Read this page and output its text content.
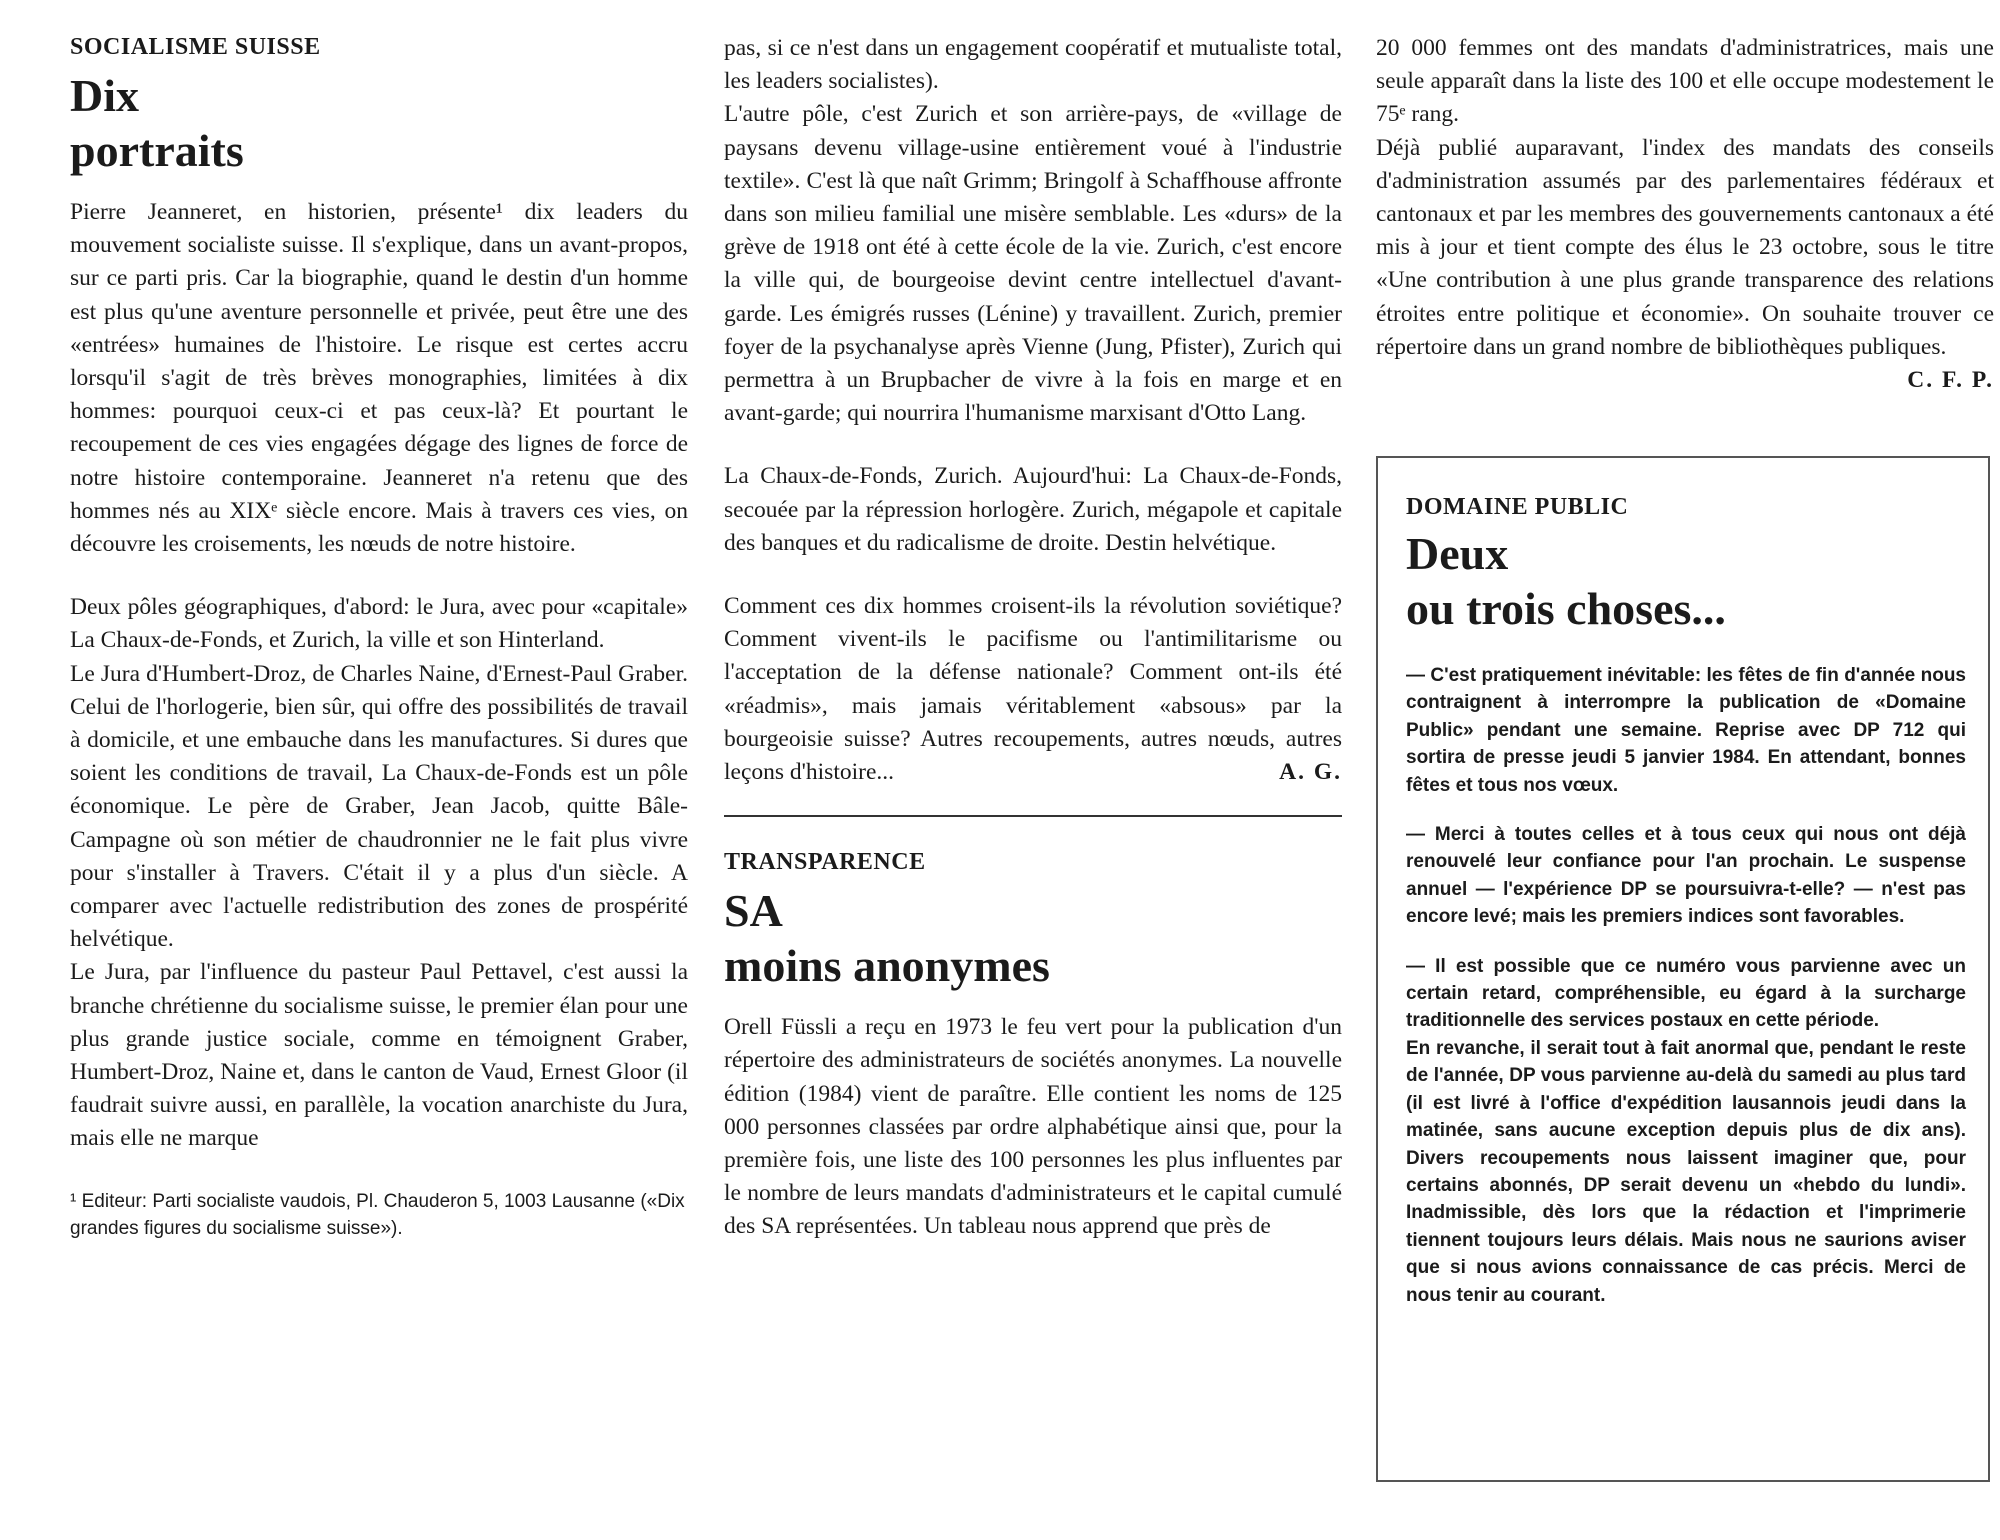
SOCIALISME SUISSE
Dix
portraits

Pierre Jeanneret, en historien, présente¹ dix leaders du mouvement socialiste suisse. Il s'explique, dans un avant-propos, sur ce parti pris. Car la biographie, quand le destin d'un homme est plus qu'une aventure personnelle et privée, peut être une des «entrées» humaines de l'histoire. Le risque est certes accru lorsqu'il s'agit de très brèves monographies, limitées à dix hommes: pourquoi ceux-ci et pas ceux-là? Et pourtant le recoupement de ces vies engagées dégage des lignes de force de notre histoire contemporaine. Jeanneret n'a retenu que des hommes nés au XIXᵉ siècle encore. Mais à travers ces vies, on découvre les croisements, les nœuds de notre histoire.

Deux pôles géographiques, d'abord: le Jura, avec pour «capitale» La Chaux-de-Fonds, et Zurich, la ville et son Hinterland.

Le Jura d'Humbert-Droz, de Charles Naine, d'Ernest-Paul Graber. Celui de l'horlogerie, bien sûr, qui offre des possibilités de travail à domicile, et une embauche dans les manufactures. Si dures que soient les conditions de travail, La Chaux-de-Fonds est un pôle économique. Le père de Graber, Jean Jacob, quitte Bâle-Campagne où son métier de chaudronnier ne le fait plus vivre pour s'installer à Travers. C'était il y a plus d'un siècle. A comparer avec l'actuelle redistribution des zones de prospérité helvétique.

Le Jura, par l'influence du pasteur Paul Pettavel, c'est aussi la branche chrétienne du socialisme suisse, le premier élan pour une plus grande justice sociale, comme en témoignent Graber, Humbert-Droz, Naine et, dans le canton de Vaud, Ernest Gloor (il faudrait suivre aussi, en parallèle, la vocation anarchiste du Jura, mais elle ne marque

¹ Editeur: Parti socialiste vaudois, Pl. Chauderon 5, 1003 Lausanne («Dix grandes figures du socialisme suisse»).

pas, si ce n'est dans un engagement coopératif et mutualiste total, les leaders socialistes).

L'autre pôle, c'est Zurich et son arrière-pays, de «village de paysans devenu village-usine entièrement voué à l'industrie textile». C'est là que naît Grimm; Bringolf à Schaffhouse affronte dans son milieu familial une misère semblable. Les «durs» de la grève de 1918 ont été à cette école de la vie. Zurich, c'est encore la ville qui, de bourgeoise devint centre intellectuel d'avant-garde. Les émigrés russes (Lénine) y travaillent. Zurich, premier foyer de la psychanalyse après Vienne (Jung, Pfister), Zurich qui permettra à un Brupbacher de vivre à la fois en marge et en avant-garde; qui nourrira l'humanisme marxisant d'Otto Lang.

La Chaux-de-Fonds, Zurich. Aujourd'hui: La Chaux-de-Fonds, secouée par la répression horlogère. Zurich, mégapole et capitale des banques et du radicalisme de droite. Destin helvétique.

Comment ces dix hommes croisent-ils la révolution soviétique? Comment vivent-ils le pacifisme ou l'antimilitarisme ou l'acceptation de la défense nationale? Comment ont-ils été «réadmis», mais jamais véritablement «absous» par la bourgeoisie suisse? Autres recoupements, autres nœuds, autres leçons d'histoire...	A. G.

TRANSPARENCE
SA
moins anonymes

Orell Füssli a reçu en 1973 le feu vert pour la publication d'un répertoire des administrateurs de sociétés anonymes. La nouvelle édition (1984) vient de paraître. Elle contient les noms de 125 000 personnes classées par ordre alphabétique ainsi que, pour la première fois, une liste des 100 personnes les plus influentes par le nombre de leurs mandats d'administrateurs et le capital cumulé des SA représentées. Un tableau nous apprend que près de

20 000 femmes ont des mandats d'administratrices, mais une seule apparaît dans la liste des 100 et elle occupe modestement le 75ᵉ rang.

Déjà publié auparavant, l'index des mandats des conseils d'administration assumés par des parlementaires fédéraux et cantonaux et par les membres des gouvernements cantonaux a été mis à jour et tient compte des élus le 23 octobre, sous le titre «Une contribution à une plus grande transparence des relations étroites entre politique et économie». On souhaite trouver ce répertoire dans un grand nombre de bibliothèques publiques.
C. F. P.

DOMAINE PUBLIC
Deux
ou trois choses...

— C'est pratiquement inévitable: les fêtes de fin d'année nous contraignent à interrompre la publication de «Domaine Public» pendant une semaine. Reprise avec DP 712 qui sortira de presse jeudi 5 janvier 1984. En attendant, bonnes fêtes et tous nos vœux.

— Merci à toutes celles et à tous ceux qui nous ont déjà renouvelé leur confiance pour l'an prochain. Le suspense annuel — l'expérience DP se poursuivra-t-elle? — n'est pas encore levé; mais les premiers indices sont favorables.

— Il est possible que ce numéro vous parvienne avec un certain retard, compréhensible, eu égard à la surcharge traditionnelle des services postaux en cette période.

En revanche, il serait tout à fait anormal que, pendant le reste de l'année, DP vous parvienne au-delà du samedi au plus tard (il est livré à l'office d'expédition lausannois jeudi dans la matinée, sans aucune exception depuis plus de dix ans). Divers recoupements nous laissent imaginer que, pour certains abonnés, DP serait devenu un «hebdo du lundi». Inadmissible, dès lors que la rédaction et l'imprimerie tiennent toujours leurs délais. Mais nous ne saurions aviser que si nous avions connaissance de cas précis. Merci de nous tenir au courant.
